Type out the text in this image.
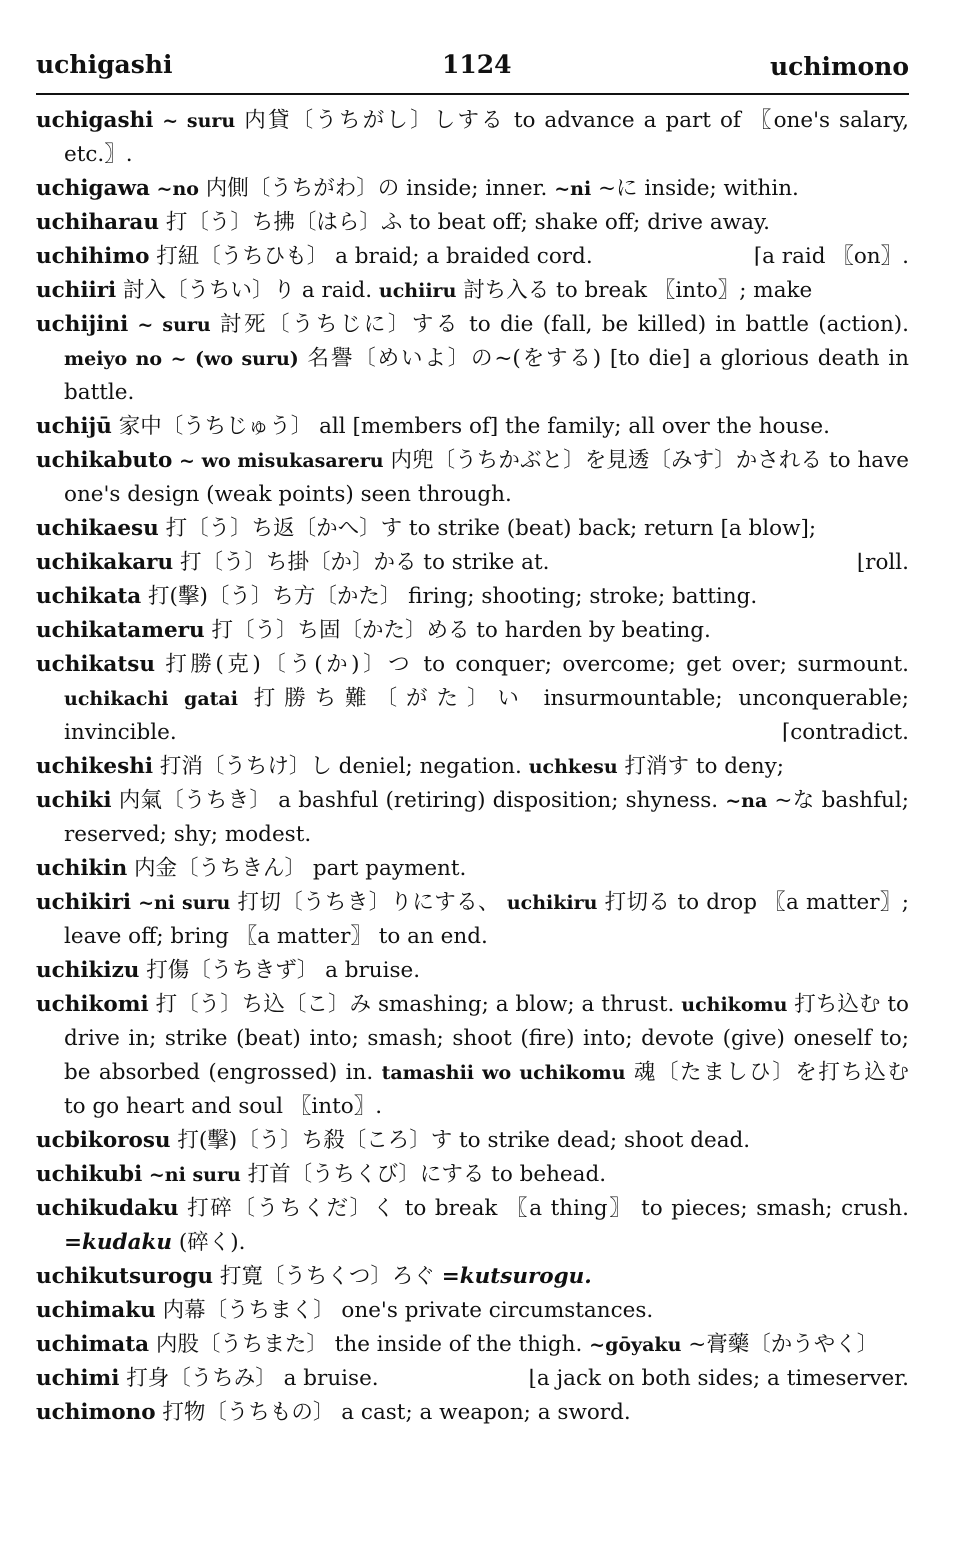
uchigashi	1124	uchimono
uchigashi ~ suru 内貸〔うちがし〕しする to advance a part of 〖one's salary, etc.〗.
uchigawa ~no 内側〔うちがわ〕の inside; inner. ~ni ~に inside; within.
uchiharau 打〔う〕ち拂〔はら〕ふ to beat off; shake off; drive away.
uchihimo 打紐〔うちひも〕 a braid; a braided cord.	⌈a raid 〖on〗.
uchiiri 討入〔うちい〕り a raid. uchiiru 討ち入る to break 〖into〗; make
uchijini ~ suru 討死〔うちじに〕する to die (fall, be killed) in battle (action). meiyo no ~ (wo suru) 名譽〔めいよ〕の~(をする) [to die] a glorious death in battle.
uchijū 家中〔うちじゅう〕 all [members of] the family; all over the house.
uchikabuto ~ wo misukasareru 内兜〔うちかぶと〕を見透〔みす〕かされる to have one's design (weak points) seen through.
uchikaesu 打〔う〕ち返〔かへ〕す to strike (beat) back; return [a blow];
uchikakaru 打〔う〕ち掛〔か〕かる to strike at.	⌊roll.
uchikata 打(擊)〔う〕ち方〔かた〕 firing; shooting; stroke; batting.
uchikatameru 打〔う〕ち固〔かた〕める to harden by beating.
uchikatsu 打勝(克)〔う(か)〕つ to conquer; overcome; get over; surmount. uchikachi gatai 打勝ち難〔がた〕い insurmountable; unconquerable; invincible.	⌈contradict.
uchikeshi 打消〔うちけ〕し deniel; negation. uchkesu 打消す to deny;
uchiki 内氣〔うちき〕 a bashful (retiring) disposition; shyness. ~na ~な bashful; reserved; shy; modest.
uchikin 内金〔うちきん〕 part payment.
uchikiri ~ni suru 打切〔うちき〕りにする、 uchikiru 打切る to drop 〖a matter〗; leave off; bring 〖a matter〗 to an end.
uchikizu 打傷〔うちきず〕 a bruise.
uchikomi 打〔う〕ち込〔こ〕み smashing; a blow; a thrust. uchikomu 打ち込む to drive in; strike (beat) into; smash; shoot (fire) into; devote (give) oneself to; be absorbed (engrossed) in. tamashii wo uchikomu 魂〔たましひ〕を打ち込む to go heart and soul 〖into〗.
ucbikorosu 打(擊)〔う〕ち殺〔ころ〕す to strike dead; shoot dead.
uchikubi ~ni suru 打首〔うちくび〕にする to behead.
uchikudaku 打碎〔うちくだ〕く to break 〖a thing〗 to pieces; smash; crush. =kudaku (碎く).
uchikutsurogu 打寛〔うちくつ〕ろぐ =kutsurogu.
uchimaku 内幕〔うちまく〕 one's private circumstances.
uchimata 内股〔うちまた〕 the inside of the thigh. ~gōyaku ~膏藥〔かうやく〕
uchimi 打身〔うちみ〕 a bruise.	⌊a jack on both sides; a timeserver.
uchimono 打物〔うちもの〕 a cast; a weapon; a sword.
